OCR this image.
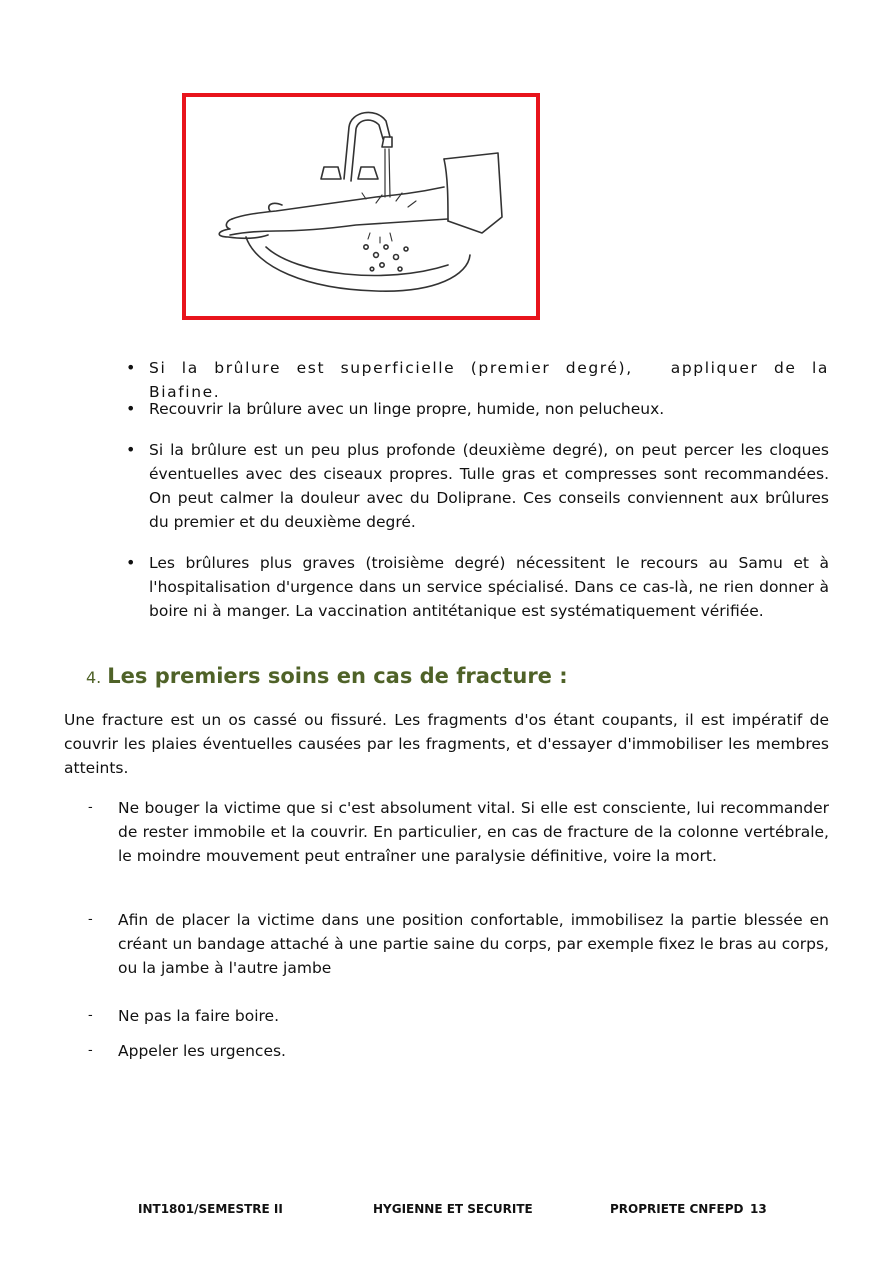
• Si la brûlure est superficielle (premier degré), appliquer de la Biafine.
• Recouvrir la brûlure avec un linge propre, humide, non pelucheux.
• Si la brûlure est un peu plus profonde (deuxième degré), on peut percer les cloques éventuelles avec des ciseaux propres. Tulle gras et compresses sont recommandées. On peut calmer la douleur avec du Doliprane. Ces conseils conviennent aux brûlures du premier et du deuxième degré.
• Les brûlures plus graves (troisième degré) nécessitent le recours au Samu et à l'hospitalisation d'urgence dans un service spécialisé. Dans ce cas-là, ne rien donner à boire ni à manger. La vaccination antitétanique est systématiquement vérifiée.
4. Les premiers soins en cas de fracture :

Une fracture est un os cassé ou fissuré. Les fragments d'os étant coupants, il est impératif de couvrir les plaies éventuelles causées par les fragments, et d'essayer d'immobiliser les membres atteints.

- Ne bouger la victime que si c'est absolument vital. Si elle est consciente, lui recommander de rester immobile et la couvrir. En particulier, en cas de fracture de la colonne vertébrale, le moindre mouvement peut entraîner une paralysie définitive, voire la mort.
- Afin de placer la victime dans une position confortable, immobilisez la partie blessée en créant un bandage attaché à une partie saine du corps, par exemple fixez le bras au corps, ou la jambe à l'autre jambe
- Ne pas la faire boire.
- Appeler les urgences.
INT1801/SEMESTRE II	HYGIENNE ET SECURITE	PROPRIETE CNFEPD 13
